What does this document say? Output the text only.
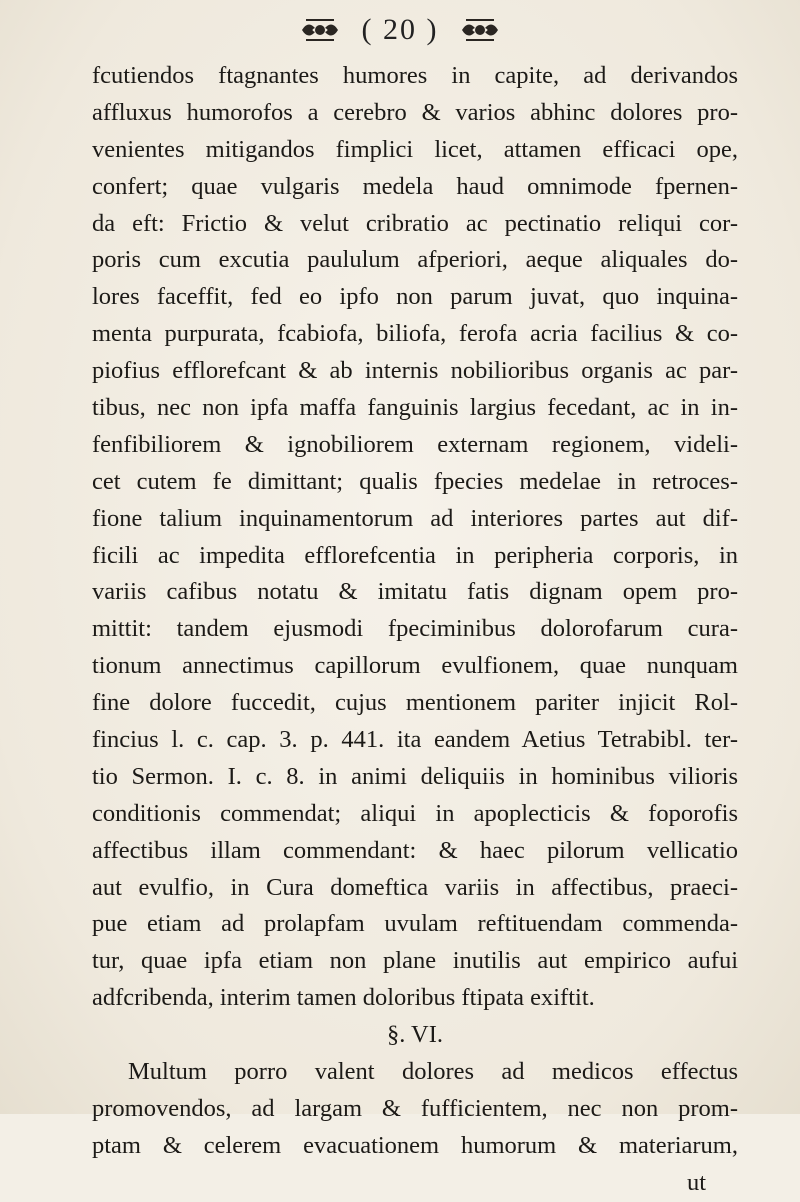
( 20 )
fcutiendos ftagnantes humores in capite, ad derivandos
affluxus humorofos a cerebro & varios abhinc dolores pro-
venientes mitigandos fimplici licet, attamen efficaci ope,
confert; quae vulgaris medela haud omnimode fpernen-
da eft: Frictio & velut cribratio ac pectinatio reliqui cor-
poris cum excutia paululum afperiori, aeque aliquales do-
lores faceffit, fed eo ipfo non parum juvat, quo inquina-
menta purpurata, fcabiofa, biliofa, ferofa acria facilius & co-
piofius efflorefcant & ab internis nobilioribus organis ac par-
tibus, nec non ipfa maffa fanguinis largius fecedant, ac in in-
fenfibiliorem & ignobiliorem externam regionem, videli-
cet cutem fe dimittant; qualis fpecies medelae in retroces-
fione talium inquinamentorum ad interiores partes aut dif-
ficili ac impedita efflorefcentia in peripheria corporis, in
variis cafibus notatu & imitatu fatis dignam opem pro-
mittit: tandem ejusmodi fpeciminibus dolorofarum cura-
tionum annectimus capillorum evulfionem, quae nunquam
fine dolore fuccedit, cujus mentionem pariter injicit Rol-
fincius l. c. cap. 3. p. 441. ita eandem Aetius Tetrabibl. ter-
tio Sermon. I. c. 8. in animi deliquiis in hominibus vilioris
conditionis commendat; aliqui in apoplecticis & foporofis
affectibus illam commendant: & haec pilorum vellicatio
aut evulfio, in Cura domeftica variis in affectibus, praeci-
pue etiam ad prolapfam uvulam reftituendam commenda-
tur, quae ipfa etiam non plane inutilis aut empirico aufui
adfcribenda, interim tamen doloribus ftipata exiftit.
§. VI.
Multum porro valent dolores ad medicos effectus
promovendos, ad largam & fufficientem, nec non prom-
ptam & celerem evacuationem humorum & materiarum,
ut
